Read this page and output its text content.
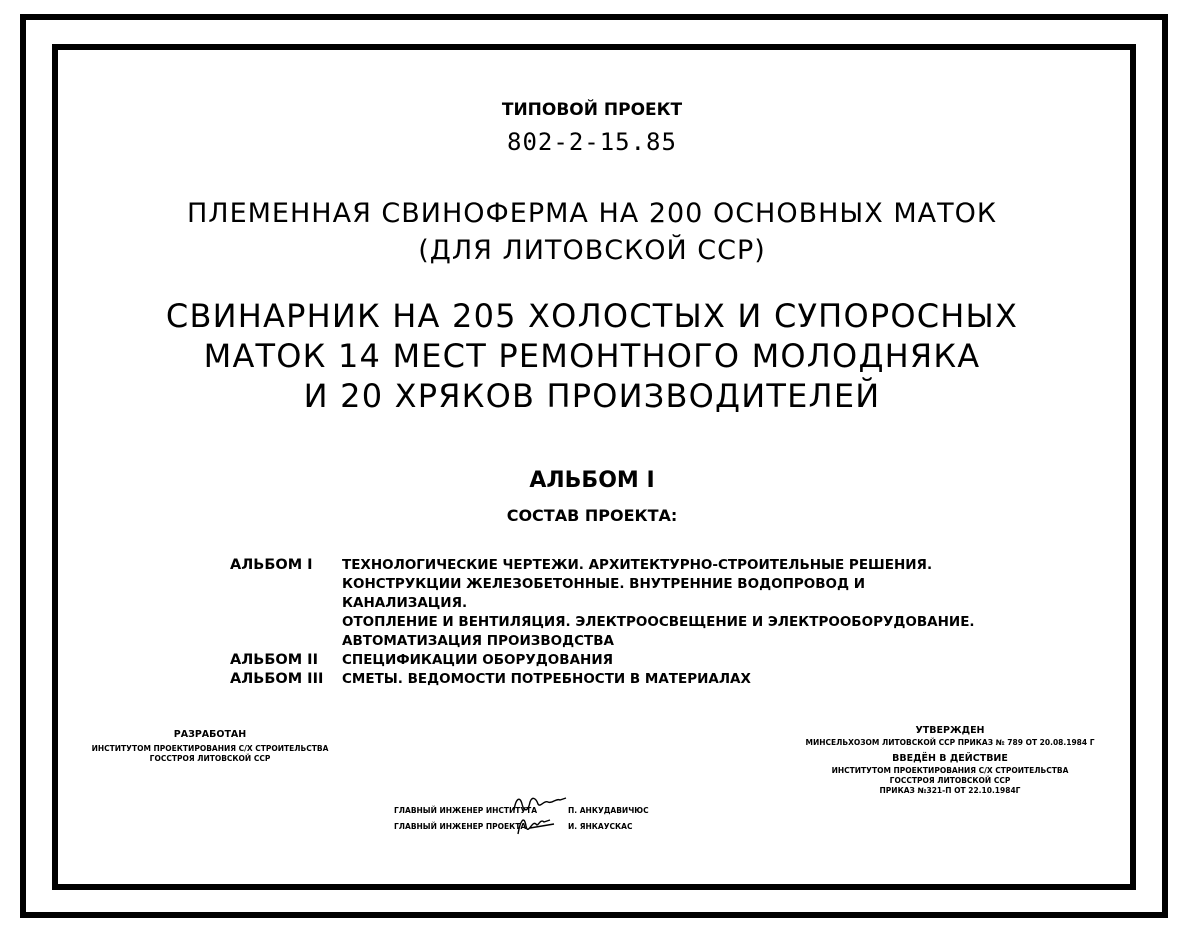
ТИПОВОЙ ПРОЕКТ
802-2-15.85
ПЛЕМЕННАЯ СВИНОФЕРМА НА 200 ОСНОВНЫХ МАТОК
(ДЛЯ ЛИТОВСКОЙ ССР)
СВИНАРНИК НА 205 ХОЛОСТЫХ И СУПОРОСНЫХ
МАТОК 14 МЕСТ РЕМОНТНОГО МОЛОДНЯКА
И 20 ХРЯКОВ ПРОИЗВОДИТЕЛЕЙ
АЛЬБОМ I
СОСТАВ ПРОЕКТА:
АЛЬБОМ I	ТЕХНОЛОГИЧЕСКИЕ ЧЕРТЕЖИ. АРХИТЕКТУРНО-СТРОИТЕЛЬНЫЕ РЕШЕНИЯ.
КОНСТРУКЦИИ ЖЕЛЕЗОБЕТОННЫЕ. ВНУТРЕННИЕ ВОДОПРОВОД И КАНАЛИЗАЦИЯ.
ОТОПЛЕНИЕ И ВЕНТИЛЯЦИЯ. ЭЛЕКТРООСВЕЩЕНИЕ И ЭЛЕКТРООБОРУДОВАНИЕ.
АВТОМАТИЗАЦИЯ ПРОИЗВОДСТВА
АЛЬБОМ II	СПЕЦИФИКАЦИИ ОБОРУДОВАНИЯ
АЛЬБОМ III	СМЕТЫ. ВЕДОМОСТИ ПОТРЕБНОСТИ В МАТЕРИАЛАХ
РАЗРАБОТАН
ИНСТИТУТОМ ПРОЕКТИРОВАНИЯ С/Х СТРОИТЕЛЬСТВА
ГОССТРОЯ ЛИТОВСКОЙ ССР
УТВЕРЖДЕН
МИНСЕЛЬХОЗОМ ЛИТОВСКОЙ ССР ПРИКАЗ № 789 ОТ 20.08.1984 Г
ВВЕДЁН В ДЕЙСТВИЕ
ИНСТИТУТОМ ПРОЕКТИРОВАНИЯ С/Х СТРОИТЕЛЬСТВА
ГОССТРОЯ ЛИТОВСКОЙ ССР
ПРИКАЗ №321-П ОТ 22.10.1984Г
ГЛАВНЫЙ ИНЖЕНЕР ИНСТИТУТА	П. АНКУДАВИЧЮС
ГЛАВНЫЙ ИНЖЕНЕР ПРОЕКТА	И. ЯНКАУСКАС
